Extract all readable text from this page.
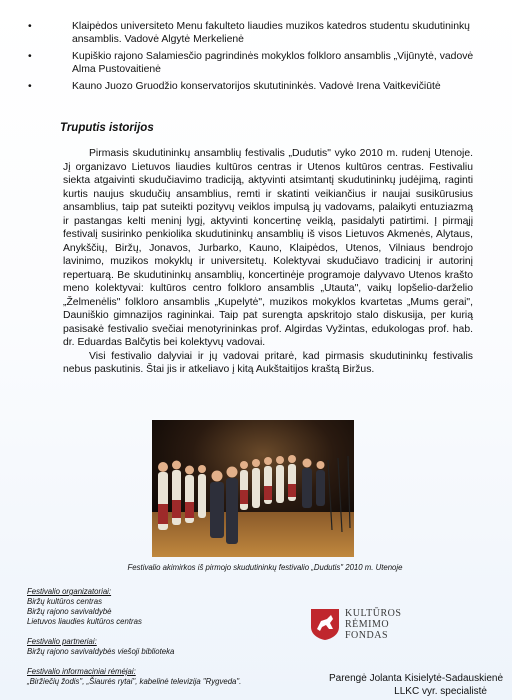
•	Klaipėdos universiteto Menu fakulteto liaudies muzikos katedros studentu skudutininkų ansamblis. Vadovė Algytė Merkelienė
•	Kupiškio rajono Salamiesčio pagrindinės mokyklos folkloro ansamblis „Vijūnytė, vadovė Alma Pustovaitienė
•	Kauno Juozo Gruodžio konservatorijos skututininkės. Vadovė Irena Vaitkevičiūtė
Truputis istorijos

Pirmasis skudutininkų ansamblių festivalis „Dudutis" vyko 2010 m. rudenį Utenoje. Jį organizavo Lietuvos liaudies kultūros centras ir Utenos kultūros centras. Festivaliu siekta atgaivinti skudučiavimo tradiciją, aktyvinti atsimtantį skudutininkų judėjimą, raginti kurtis naujus skudučių ansamblius, remti ir skatinti veikiančius ir naujai susikūrusius ansamblius, taip pat suteikti pozityvų veiklos impulsą jų vadovams, palaikyti entuziazmą ir pastangas kelti meninį lygį, aktyvinti koncertinę veiklą, pasidalyti patirtimi. Į pirmąjį festivalį susirinko penkiolika skudutininkų ansamblių iš visos Lietuvos Akmenės, Alytaus, Anykščių, Biržų, Jonavos, Jurbarko, Kauno, Klaipėdos, Utenos, Vilniaus bendrojo lavinimo, muzikos mokyklų ir universitetų. Kolektyvai skudučiavo tradicinį ir autorinį repertuarą. Be skudutininkų ansamblių, koncertinėje programoje dalyvavo Utenos krašto meno kolektyvai: kultūros centro folkloro ansamblis „Utauta", vaikų lopšelio-darželio „Želmenėlis" folkloro ansamblis „Kupelytė", muzikos mokyklos kvartetas „Mums gerai", Dauniškio gimnazijos ragininkai. Taip pat surengta apskritojo stalo diskusija, per kurią pasisakė festivalio svečiai menotyrininkas prof. Algirdas Vyžintas, edukologas prof. hab. dr. Eduardas Balčytis bei kolektyvų vadovai.

Visi festivalio dalyviai ir jų vadovai pritarė, kad pirmasis skudutininkų festivalis nebus paskutinis. Štai jis ir atkeliavo į kitą Aukštaitijos kraštą Biržus.

Festivalio akimirkos iš pirmojo skudutininkų festivalio „Dudutis" 2010 m. Utenoje
Festivalio organizatoriai:
Biržų kultūros centras
Biržų rajono savivaldybė
Lietuvos liaudies kultūros centras
Festivalio partneriai:
Biržų rajono savivaldybės viešoji biblioteka
Festivalio informaciniai rėmėjai:
„Biržiečių žodis", „Šiaurės rytai", kabelinė televizija "Rygveda".
KULTŪROS
RĖMIMO
FONDAS
Parengė Jolanta Kisielytė-Sadauskienė
LLKC vyr. specialistė
